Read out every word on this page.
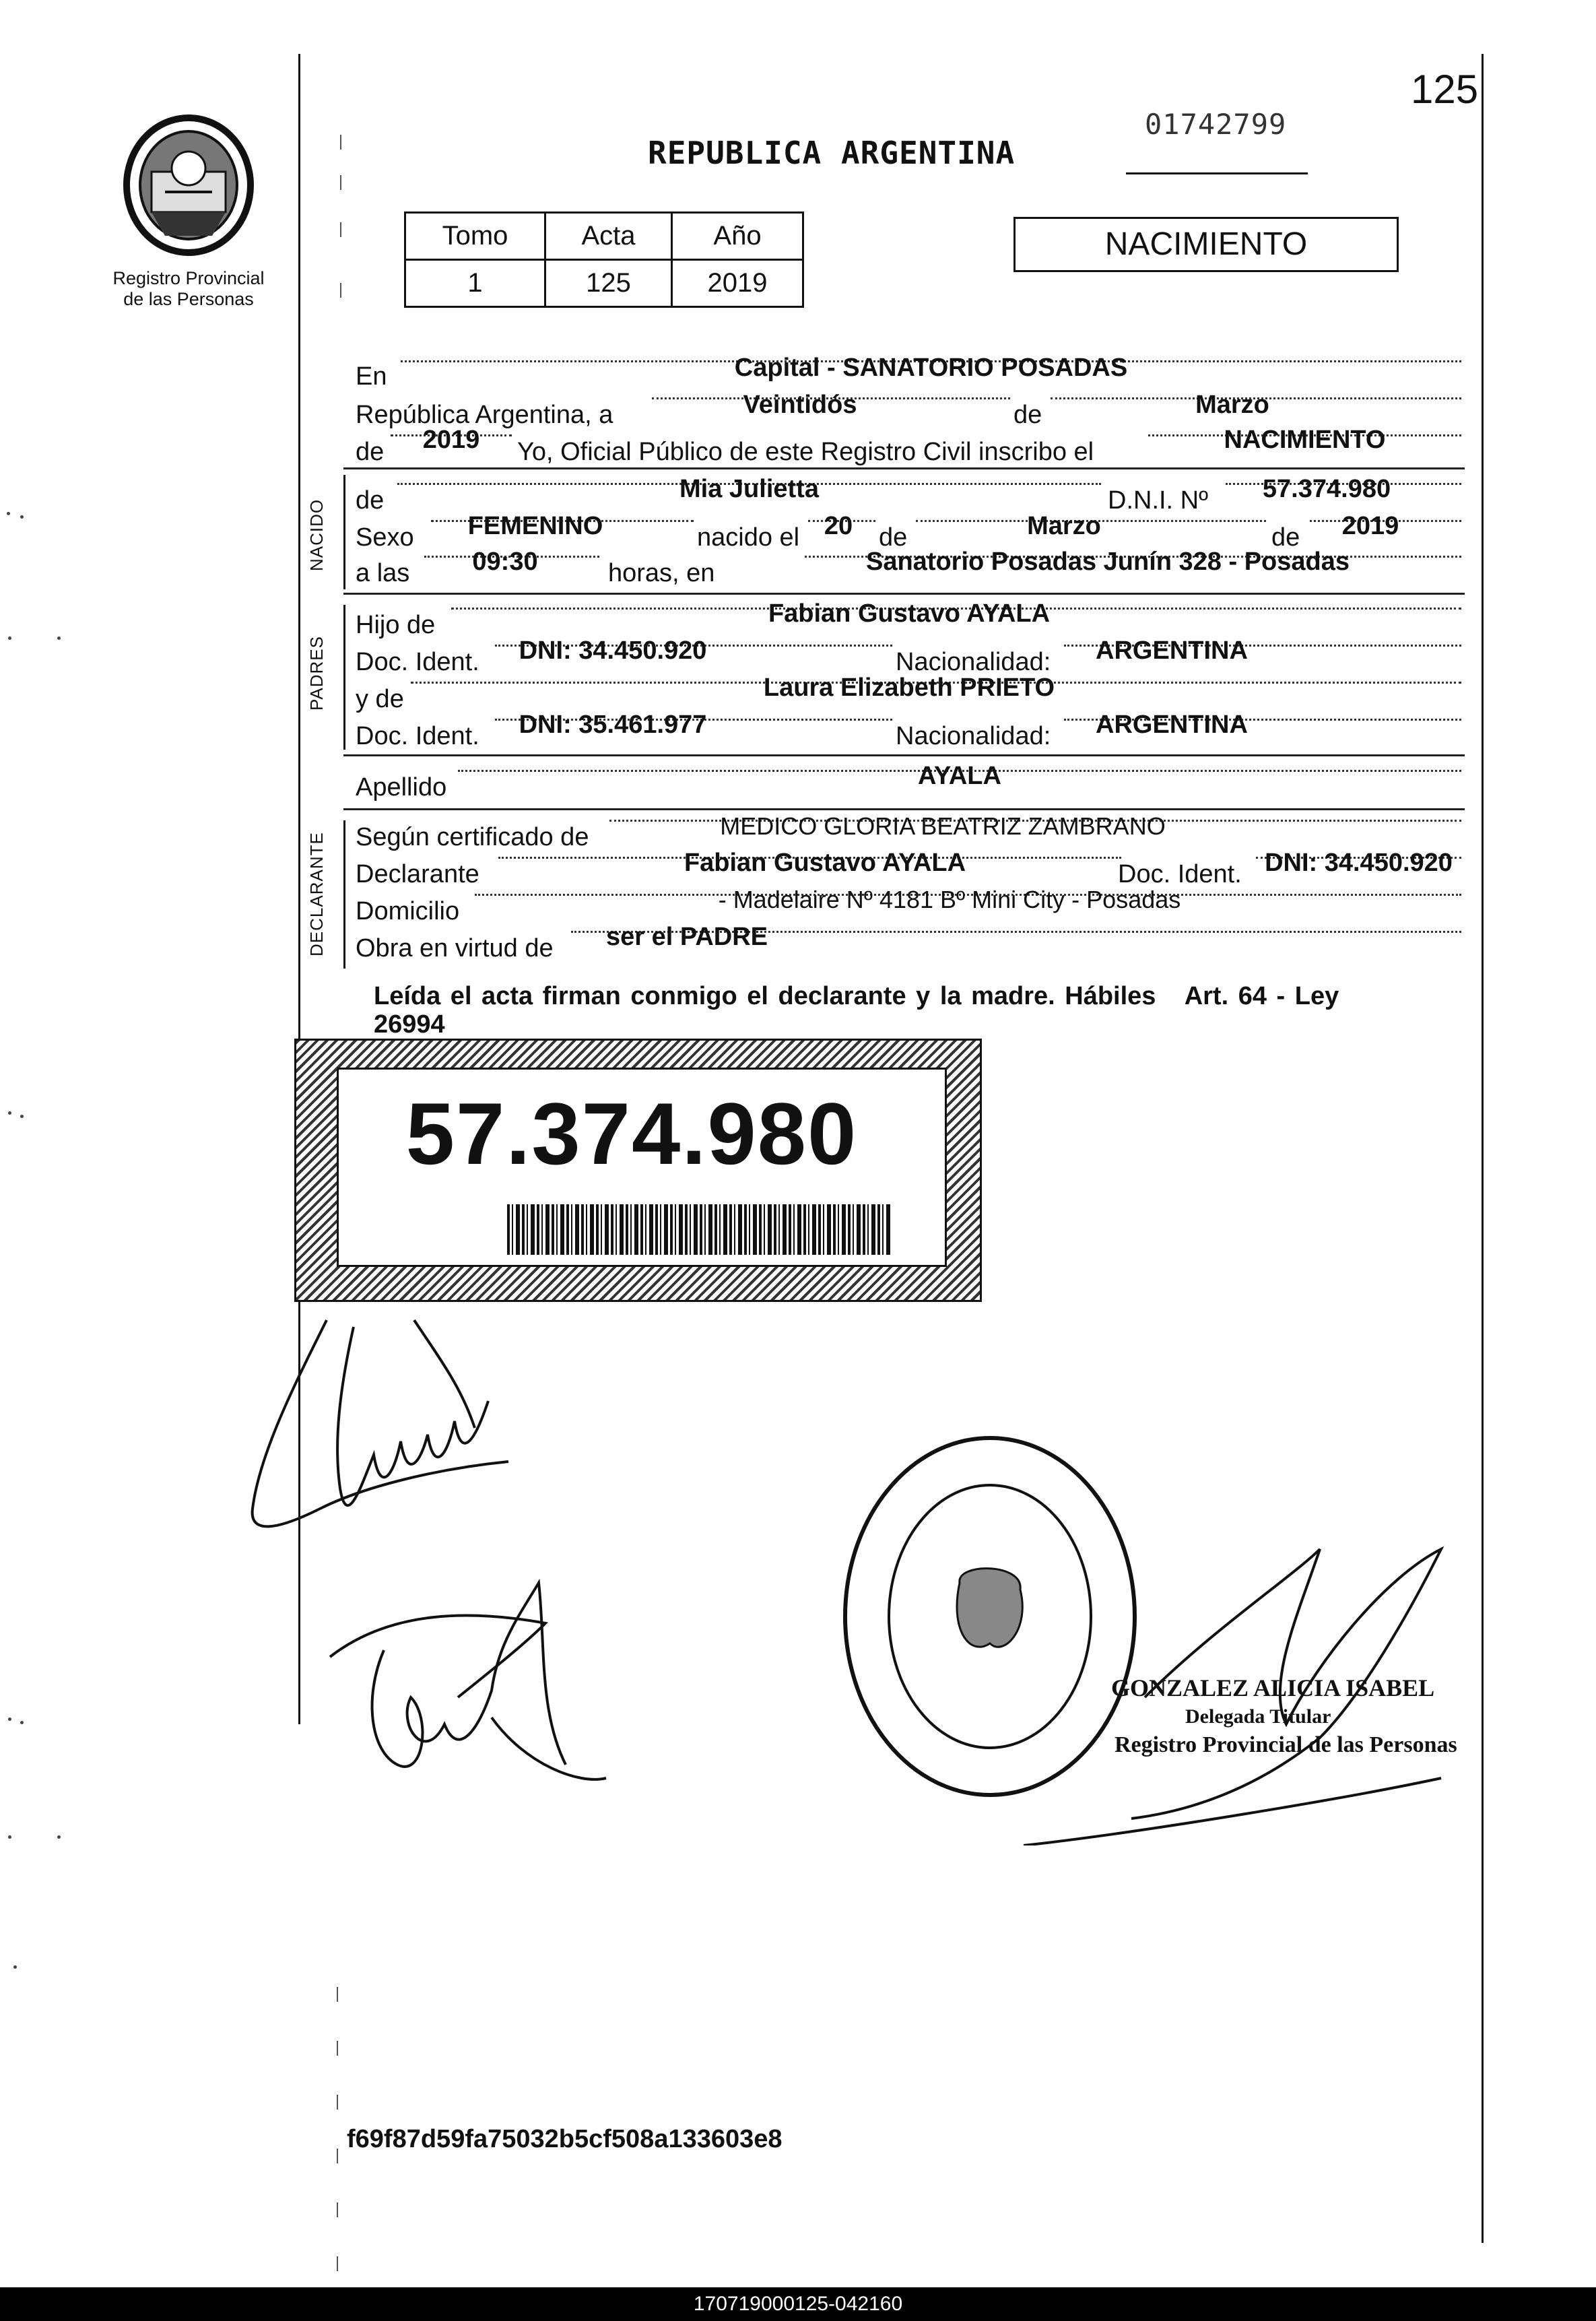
Registro Provincial
de las Personas
125
01742799
REPUBLICA ARGENTINA
Tomo	Acta	Año
1	125	2019
NACIMIENTO
En	Capital - SANATORIO POSADAS
República Argentina, a	Veintidós	de	Marzo
de	2019	Yo, Oficial Público de este Registro Civil inscribo el	NACIMIENTO
NACIDO de	Mia Julietta	D.N.I. Nº	57.374.980
Sexo	FEMENINO	nacido el 20	de	Marzo	de	2019
a las	09:30	horas, en	Sanatorio Posadas Junín 328 - Posadas
PADRES
Hijo de	Fabian Gustavo AYALA
Doc. Ident.	DNI: 34.450.920	Nacionalidad:	ARGENTINA
y de	Laura Elizabeth PRIETO
Doc. Ident.	DNI: 35.461.977	Nacionalidad:	ARGENTINA
Apellido	AYALA
DECLARANTE Según certificado de	MEDICO GLORIA BEATRIZ ZAMBRANO
Declarante	Fabian Gustavo AYALA	Doc. Ident. DNI: 34.450.920
Domicilio	- Madelaire Nº 4181 Bº Mini City - Posadas
Obra en virtud de	ser el PADRE
Leída el acta firman conmigo el declarante y la madre. Hábiles   Art. 64 - Ley
26994
57.374.980
GONZALEZ ALICIA ISABEL
Delegada Titular
Registro Provincial de las Personas
f69f87d59fa75032b5cf508a133603e8
170719000125-042160
